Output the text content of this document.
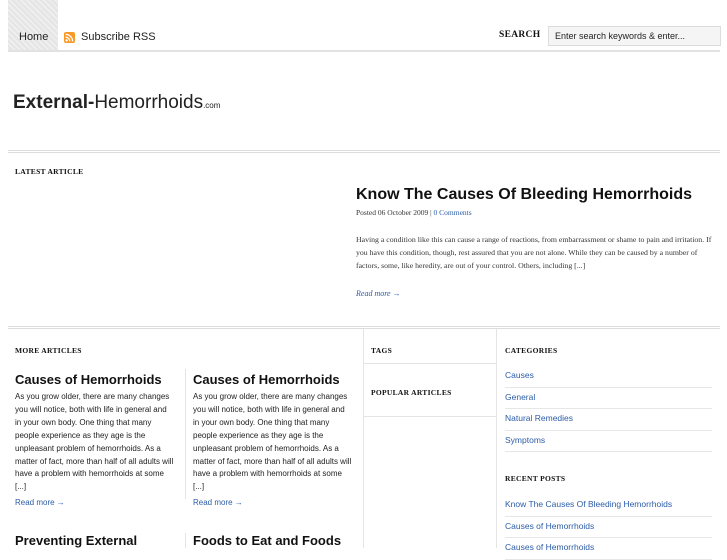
Home	Subscribe RSS	SEARCH
Enter search keywords & enter...
External-Hemorrhoids.com
LATEST ARTICLE
Know The Causes Of Bleeding Hemorrhoids
Posted 06 October 2009 | 0 Comments
Having a condition like this can cause a range of reactions, from embarrassment or shame to pain and irritation. If you have this condition, though, rest assured that you are not alone. While they can be caused by a number of factors, some, like heredity, are out of your control. Others, including [...]
Read more →
MORE ARTICLES
Causes of Hemorrhoids

As you grow older, there are many changes you will notice, both with life in general and in your own body. One thing that many people experience as they age is the unpleasant problem of hemorrhoids. As a matter of fact, more than half of all adults will have a problem with hemorrhoids at some [...]

Read more →
Causes of Hemorrhoids

As you grow older, there are many changes you will notice, both with life in general and in your own body. One thing that many people experience as they age is the unpleasant problem of hemorrhoids. As a matter of fact, more than half of all adults will have a problem with hemorrhoids at some [...]

Read more →
Preventing External	Foods to Eat and Foods
TAGS
POPULAR ARTICLES
CATEGORIES
Causes
General
Natural Remedies
Symptoms
RECENT POSTS
Know The Causes Of Bleeding Hemorrhoids
Causes of Hemorrhoids
Causes of Hemorrhoids
